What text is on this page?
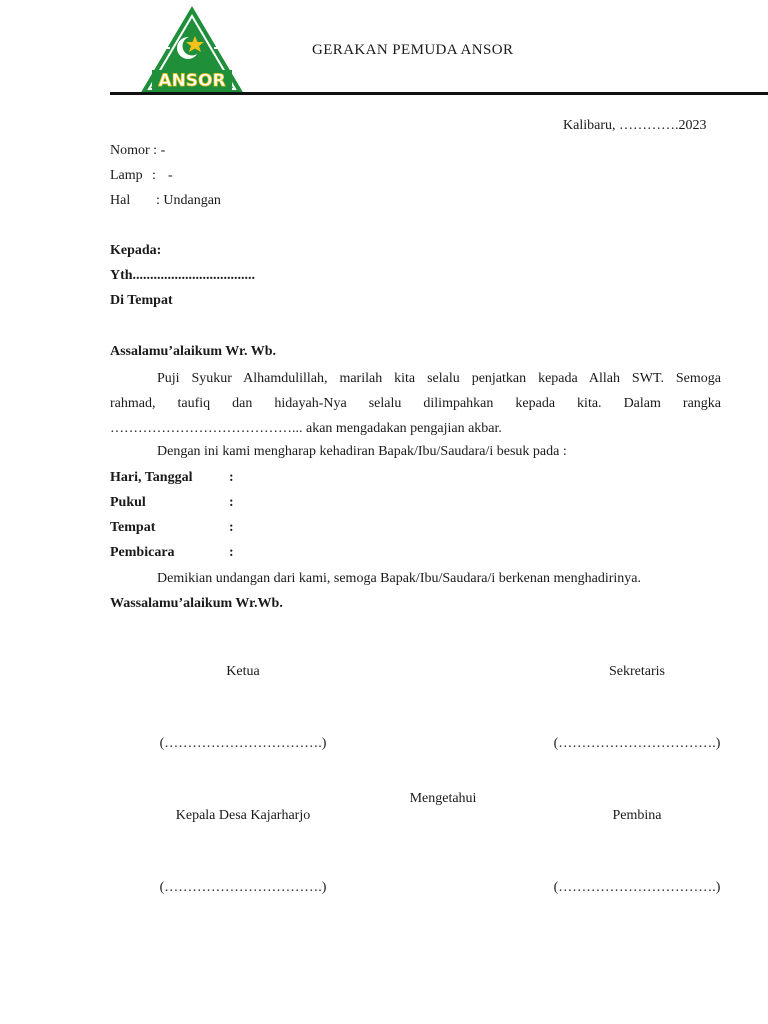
ANSOR
GERAKAN PEMUDA ANSOR
Kalibaru, ………….2023
Nomor : -
Lamp : -
Hal : Undangan
Kepada:
Yth...................................
Di Tempat
Assalamu’alaikum Wr. Wb.
Puji Syukur Alhamdulillah, marilah kita selalu penjatkan kepada Allah SWT. Semoga
rahmad, taufiq dan hidayah-Nya selalu dilimpahkan kepada kita. Dalam rangka
…………………………………... akan mengadakan pengajian akbar.
Dengan ini kami mengharap kehadiran Bapak/Ibu/Saudara/i besuk pada :
Hari, Tanggal	:
Pukul	:
Tempat	:
Pembicara	:
Demikian undangan dari kami, semoga Bapak/Ibu/Saudara/i berkenan menghadirinya.
Wassalamu’alaikum Wr.Wb.
Ketua	Sekretaris
(…………………………….)	(…………………………….)
Mengetahui
Kepala Desa Kajarharjo	Pembina
(…………………………….)	(…………………………….)
